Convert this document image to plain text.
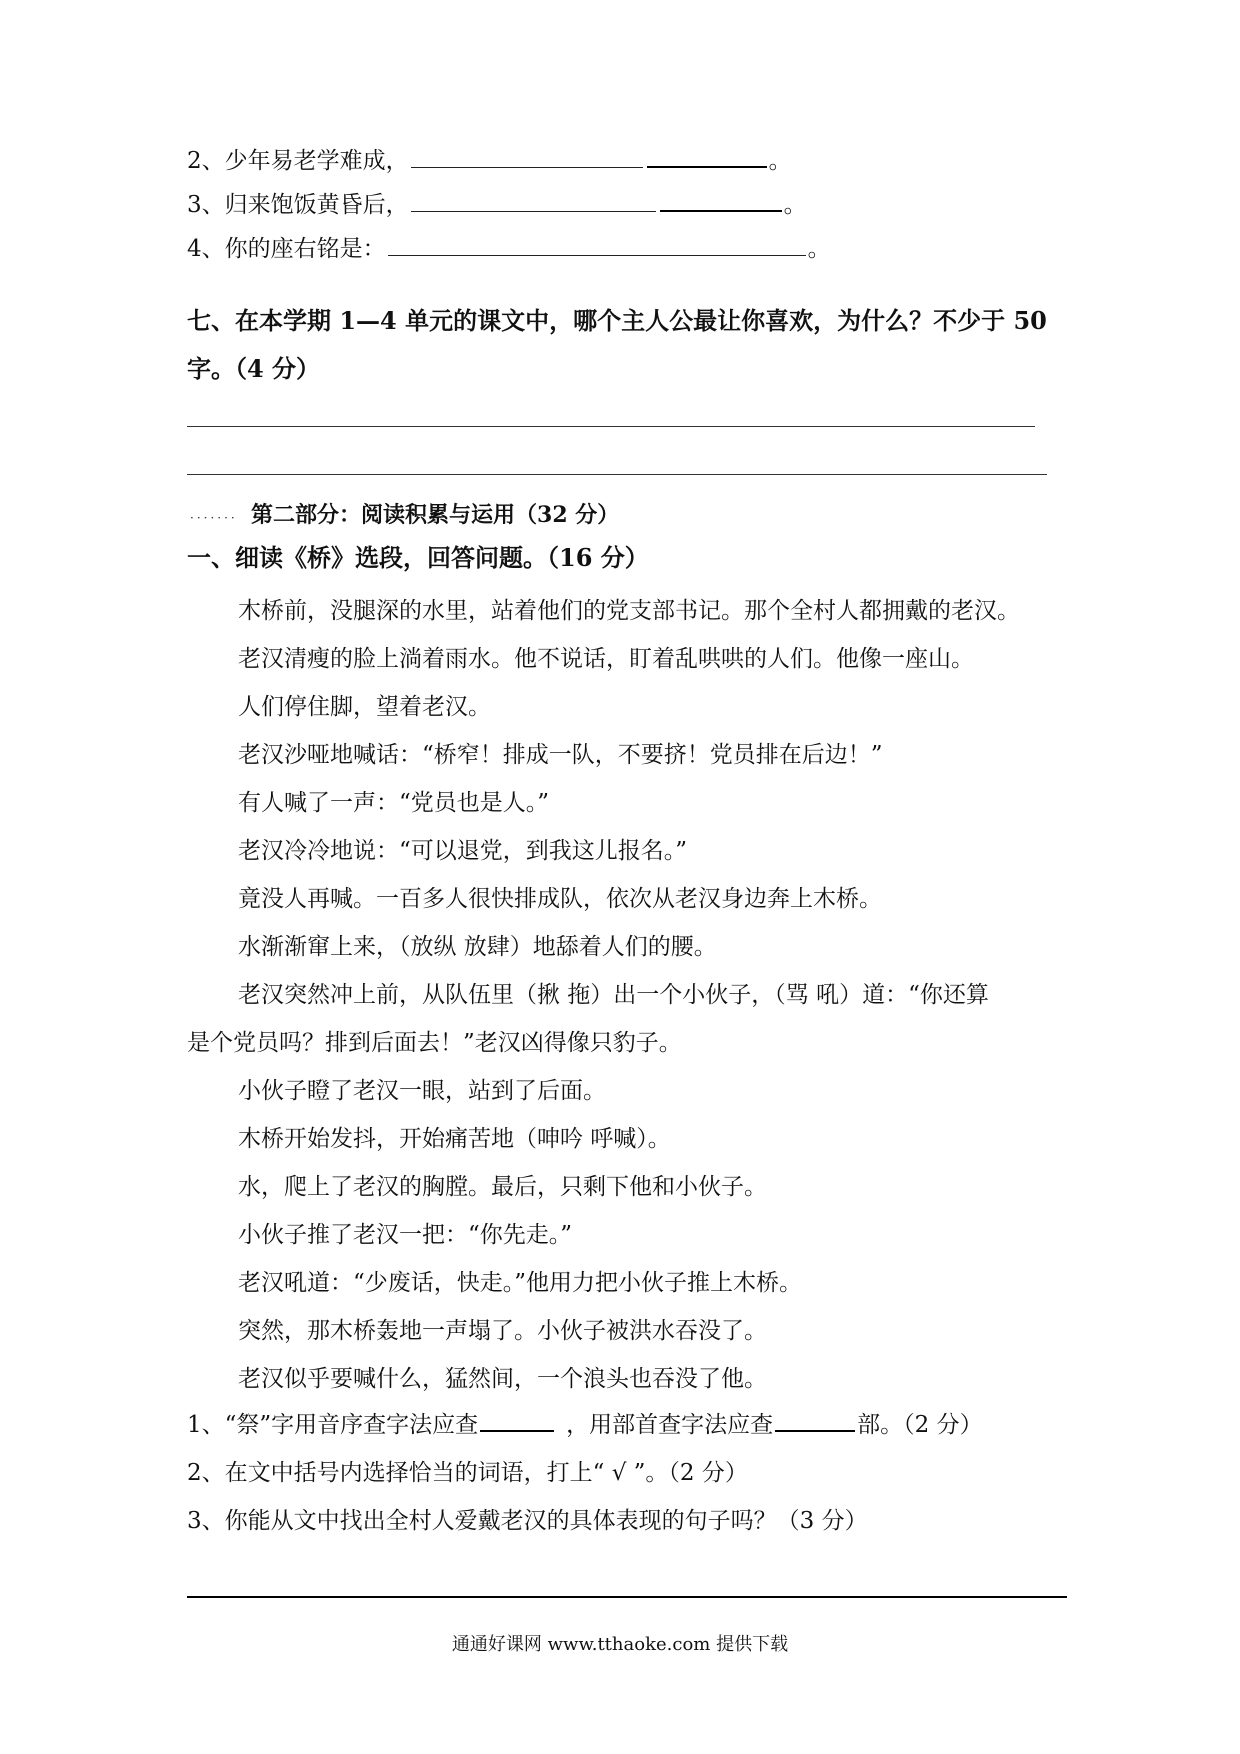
2、少年易老学难成，	。
3、归来饱饭黄昏后，	。
4、你的座右铭是：	。
七、在本学期 1—4 单元的课文中，哪个主人公最让你喜欢，为什么？不少于 50
字。（4 分）
······· 第二部分：阅读积累与运用（32 分）
一、细读《桥》选段，回答问题。（16 分）
木桥前，没腿深的水里，站着他们的党支部书记。那个全村人都拥戴的老汉。
老汉清瘦的脸上淌着雨水。他不说话，盯着乱哄哄的人们。他像一座山。
人们停住脚，望着老汉。
老汉沙哑地喊话：“桥窄！排成一队，不要挤！党员排在后边！”
有人喊了一声：“党员也是人。”
老汉冷冷地说：“可以退党，到我这儿报名。”
竟没人再喊。一百多人很快排成队，依次从老汉身边奔上木桥。
水渐渐窜上来，（放纵 放肆）地舔着人们的腰。
老汉突然冲上前，从队伍里（揪 拖）出一个小伙子，（骂 吼）道：“你还算
是个党员吗？排到后面去！”老汉凶得像只豹子。
小伙子瞪了老汉一眼，站到了后面。
木桥开始发抖，开始痛苦地（呻吟 呼喊）。
水，爬上了老汉的胸膛。最后，只剩下他和小伙子。
小伙子推了老汉一把：“你先走。”
老汉吼道：“少废话，快走。”他用力把小伙子推上木桥。
突然，那木桥轰地一声塌了。小伙子被洪水吞没了。
老汉似乎要喊什么，猛然间，一个浪头也吞没了他。
1、“祭”字用音序查字法应查	，用部首查字法应查	部。（2 分）
2、在文中括号内选择恰当的词语，打上“ √ ”。（2 分）
3、你能从文中找出全村人爱戴老汉的具体表现的句子吗？（3 分）
通通好课网 www.tthaoke.com 提供下载
